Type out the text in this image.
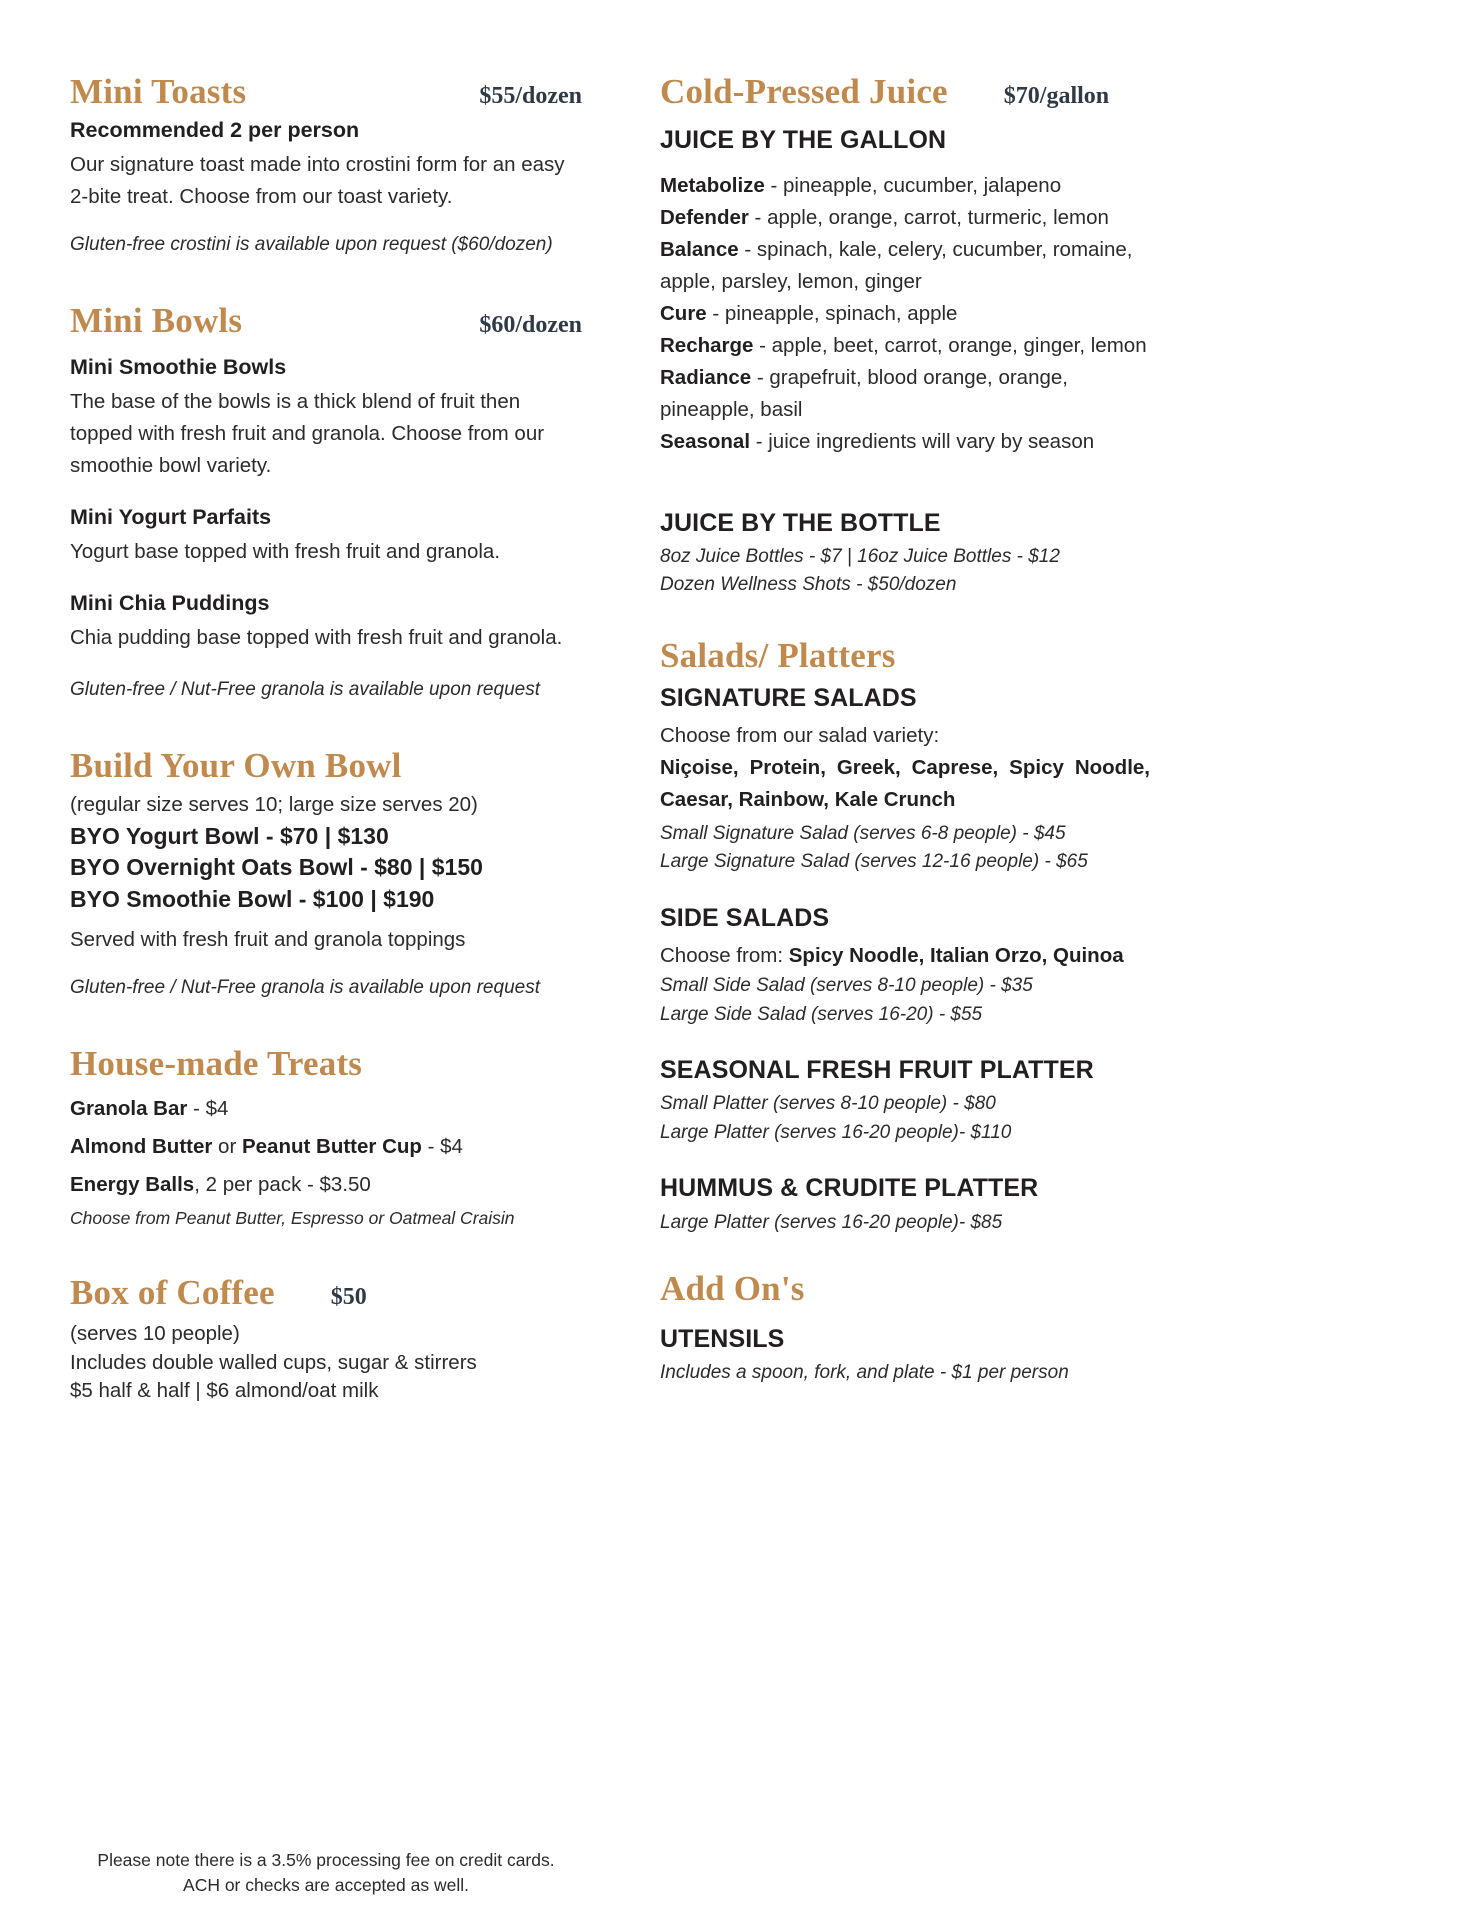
Mini Toasts	$55/dozen

Recommended 2 per person

Our signature toast made into crostini form for an easy 2-bite treat. Choose from our toast variety.

Gluten-free crostini is available upon request ($60/dozen)

Mini Bowls	$60/dozen

Mini Smoothie Bowls

The base of the bowls is a thick blend of fruit then topped with fresh fruit and granola. Choose from our smoothie bowl variety.

Mini Yogurt Parfaits

Yogurt base topped with fresh fruit and granola.

Mini Chia Puddings

Chia pudding base topped with fresh fruit and granola.

Gluten-free / Nut-Free granola is available upon request

Build Your Own Bowl

(regular size serves 10; large size serves 20)

BYO Yogurt Bowl - $70 | $130

BYO Overnight Oats Bowl - $80 | $150

BYO Smoothie Bowl - $100 | $190

Served with fresh fruit and granola toppings

Gluten-free / Nut-Free granola is available upon request

House-made Treats

Granola Bar - $4

Almond Butter or Peanut Butter Cup - $4

Energy Balls, 2 per pack - $3.50

Choose from Peanut Butter, Espresso or Oatmeal Craisin

Box of Coffee $50

(serves 10 people)

Includes double walled cups, sugar & stirrers

$5 half & half | $6 almond/oat milk

Cold-Pressed Juice $70/gallon

JUICE BY THE GALLON

Metabolize - pineapple, cucumber, jalapeno

Defender - apple, orange, carrot, turmeric, lemon

Balance - spinach, kale, celery, cucumber, romaine, apple, parsley, lemon, ginger

Cure - pineapple, spinach, apple

Recharge - apple, beet, carrot, orange, ginger, lemon

Radiance - grapefruit, blood orange, orange, pineapple, basil

Seasonal - juice ingredients will vary by season

JUICE BY THE BOTTLE

8oz Juice Bottles - $7 | 16oz Juice Bottles - $12

Dozen Wellness Shots - $50/dozen

Salads/ Platters

SIGNATURE SALADS

Choose from our salad variety:

Niçoise, Protein, Greek, Caprese, Spicy Noodle, Caesar, Rainbow, Kale Crunch

Small Signature Salad (serves 6-8 people) - $45

Large Signature Salad (serves 12-16 people) - $65

SIDE SALADS

Choose from: Spicy Noodle, Italian Orzo, Quinoa

Small Side Salad (serves 8-10 people) - $35

Large Side Salad (serves 16-20) - $55

SEASONAL FRESH FRUIT PLATTER

Small Platter (serves 8-10 people) - $80

Large Platter (serves 16-20 people)- $110

HUMMUS & CRUDITE PLATTER

Large Platter (serves 16-20 people)- $85

Add On's

UTENSILS

Includes a spoon, fork, and plate - $1 per person

Please note there is a 3.5% processing fee on credit cards.
ACH or checks are accepted as well.
